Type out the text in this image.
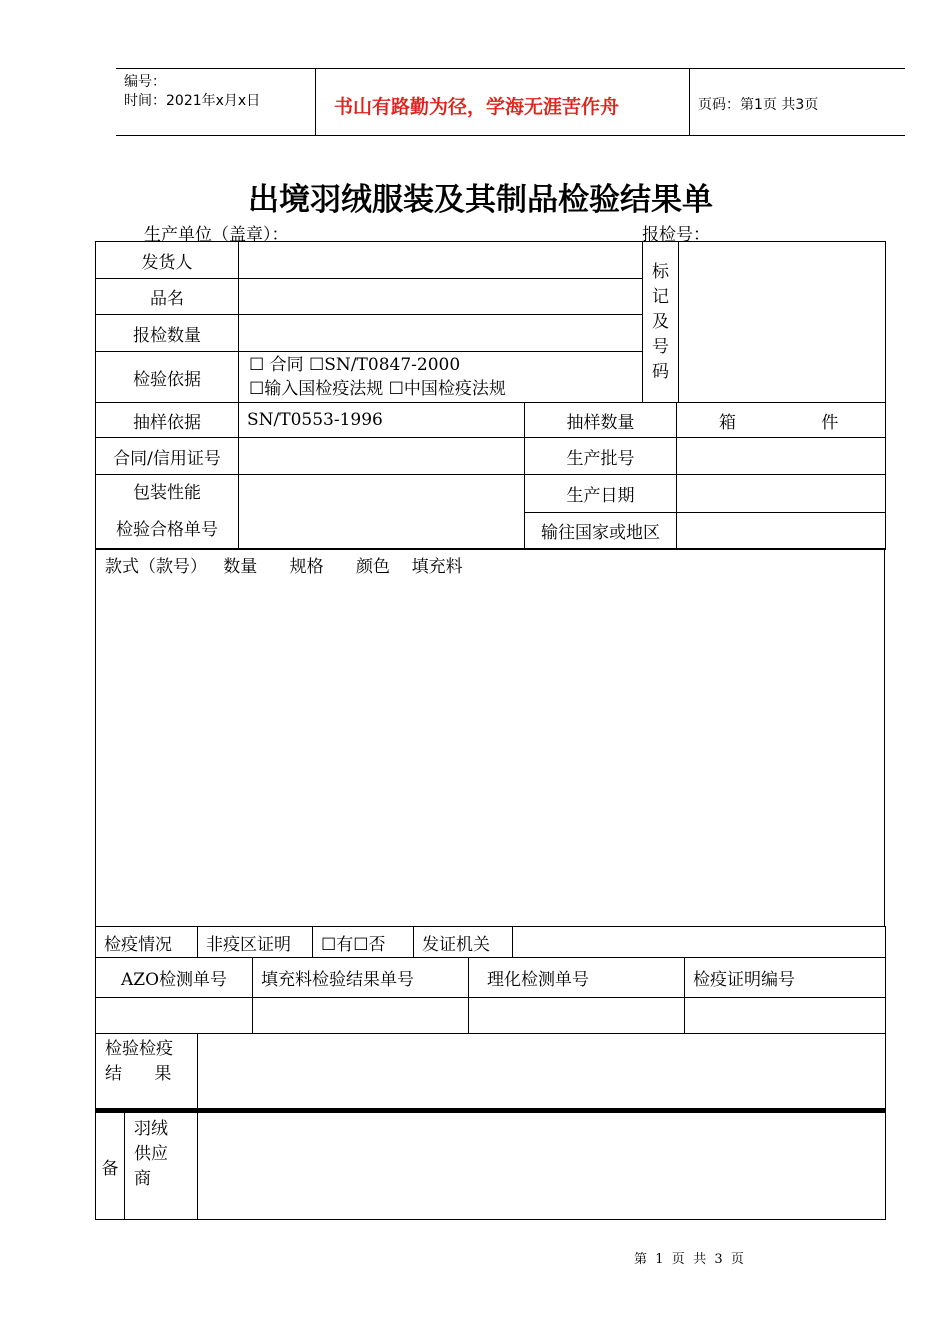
编号：
时间：2021年x月x日	书山有路勤为径，学海无涯苦作舟	页码：第1页 共3页
出境羽绒服装及其制品检验结果单
生产单位（盖章）：	报检号：
发货人		标
记
及
号
码	

品名			
报检数量			
检验依据	☐ 合同 ☐SN/T0847-2000
☐输入国检疫法规 ☐中国检疫法规		
抽样依据	SN/T0553-1996	抽样数量	箱 件
合同/信用证号		生产批号	

包装性能
检验合格单号		生产日期	
		输往国家或地区	
款式（款号）   数量      规格      颜色    填充料
检疫情况	非疫区证明	☐有☐否	发证机关	
AZO检测单号	填充料检验结果单号	理化检测单号	检疫证明编号

检验检疫
结      果

备	
羽绒
供应
商

第  1  页  共  3  页
